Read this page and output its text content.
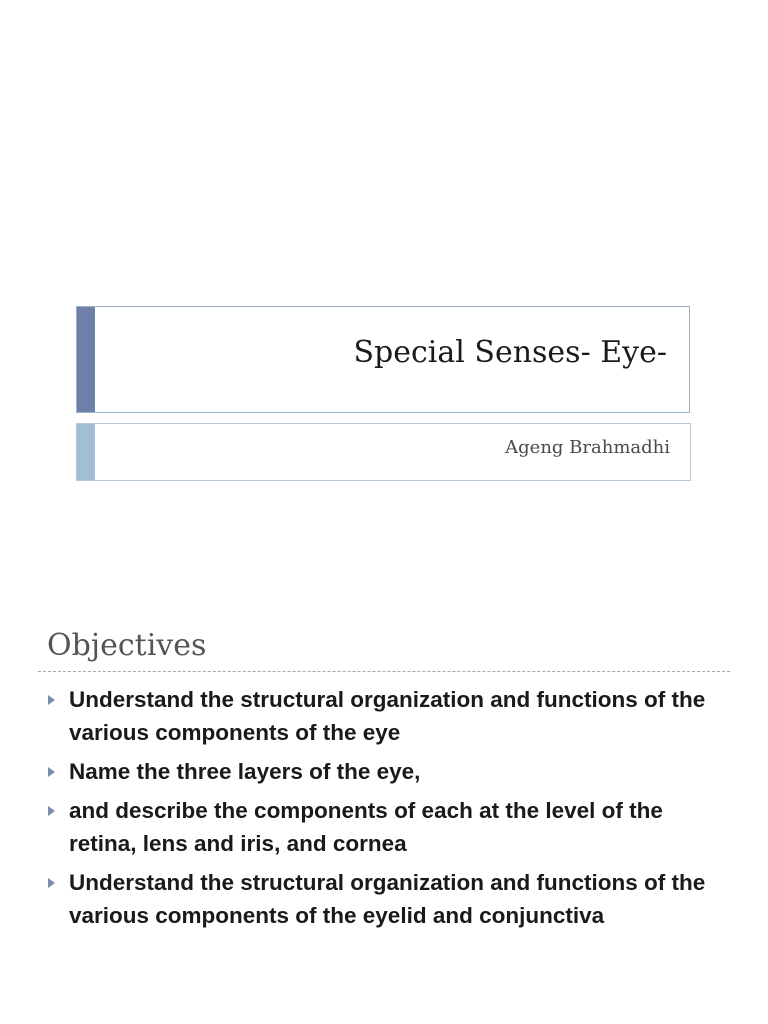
Special Senses- Eye-
Ageng Brahmadhi
Objectives
Understand the structural organization and functions of the various components of the eye
Name the three layers of the eye,
and describe the components of each at the level of the retina, lens and iris, and cornea
Understand the structural organization and functions of the various components of the eyelid and conjunctiva
